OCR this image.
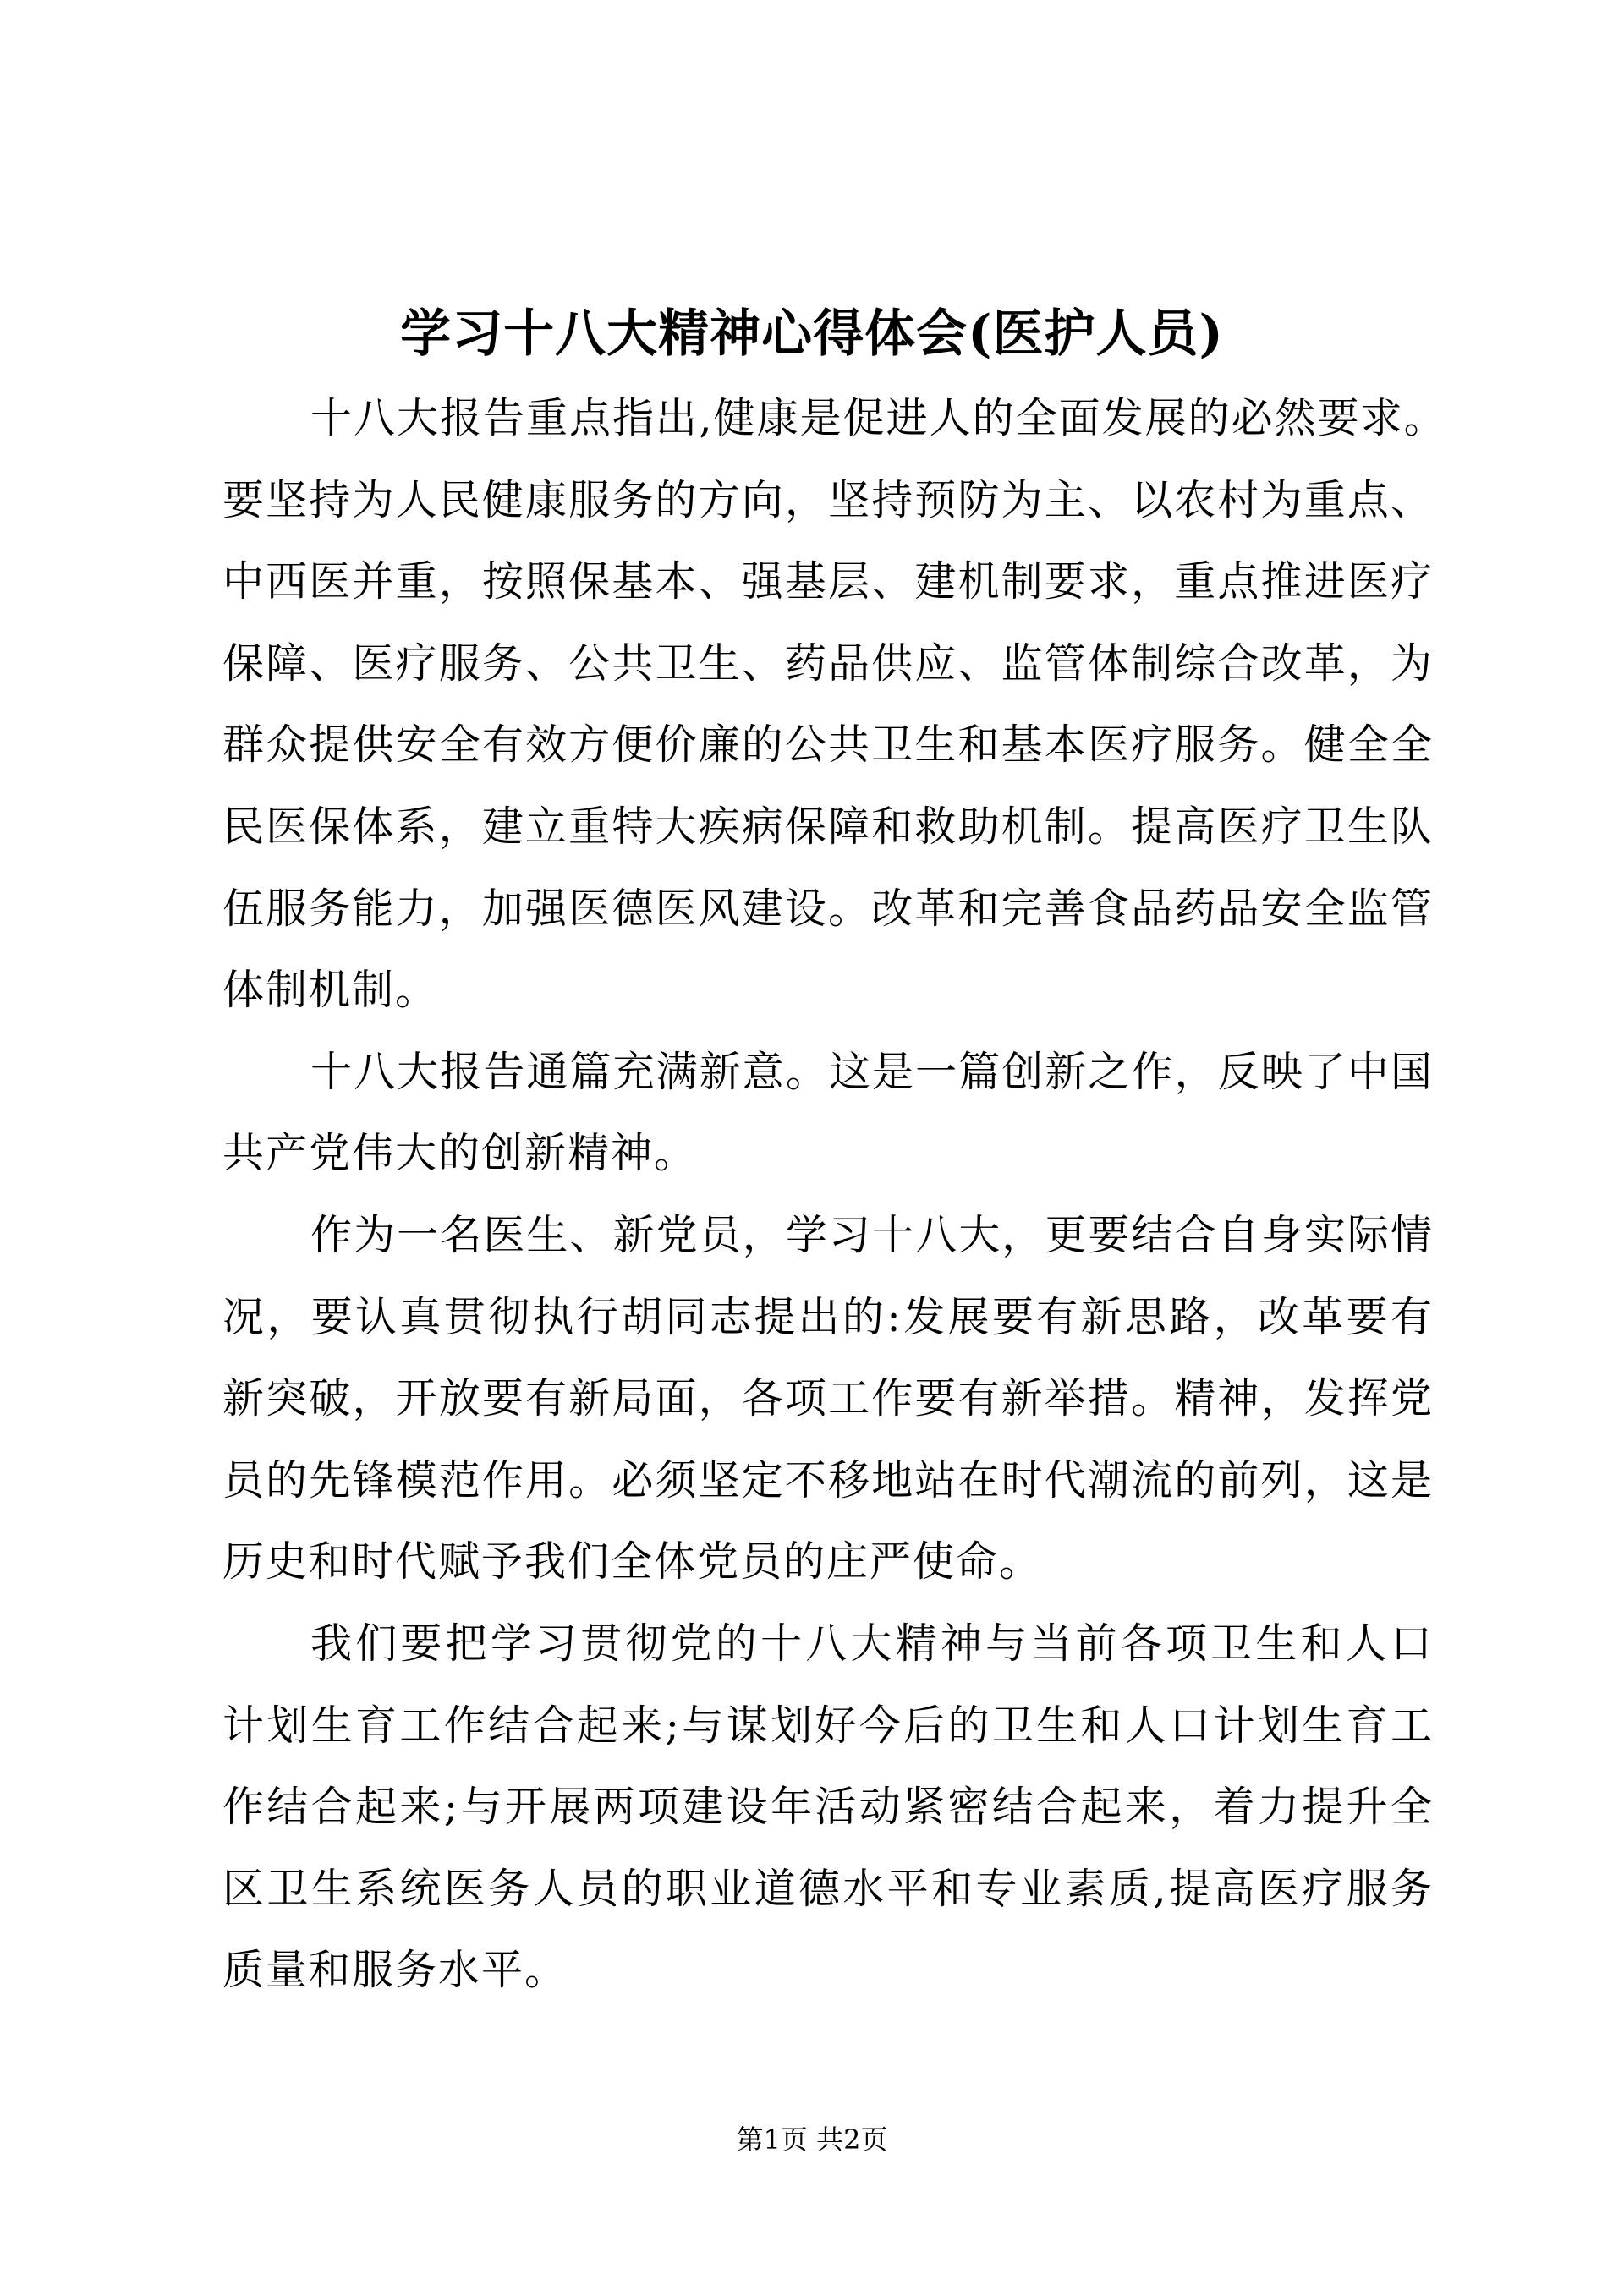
学习十八大精神心得体会(医护人员)
十八大报告重点指出,健康是促进人的全面发展的必然要求。
要坚持为人民健康服务的方向，坚持预防为主、以农村为重点、
中西医并重，按照保基本、强基层、建机制要求，重点推进医疗
保障、医疗服务、公共卫生、药品供应、监管体制综合改革，为
群众提供安全有效方便价廉的公共卫生和基本医疗服务。健全全
民医保体系，建立重特大疾病保障和救助机制。提高医疗卫生队
伍服务能力，加强医德医风建设。改革和完善食品药品安全监管
体制机制。
十八大报告通篇充满新意。这是一篇创新之作，反映了中国
共产党伟大的创新精神。
作为一名医生、新党员，学习十八大，更要结合自身实际情
况，要认真贯彻执行胡同志提出的:发展要有新思路，改革要有
新突破，开放要有新局面，各项工作要有新举措。精神，发挥党
员的先锋模范作用。必须坚定不移地站在时代潮流的前列，这是
历史和时代赋予我们全体党员的庄严使命。
我们要把学习贯彻党的十八大精神与当前各项卫生和人口
计划生育工作结合起来;与谋划好今后的卫生和人口计划生育工
作结合起来;与开展两项建设年活动紧密结合起来，着力提升全
区卫生系统医务人员的职业道德水平和专业素质,提高医疗服务
质量和服务水平。
第1页 共2页
